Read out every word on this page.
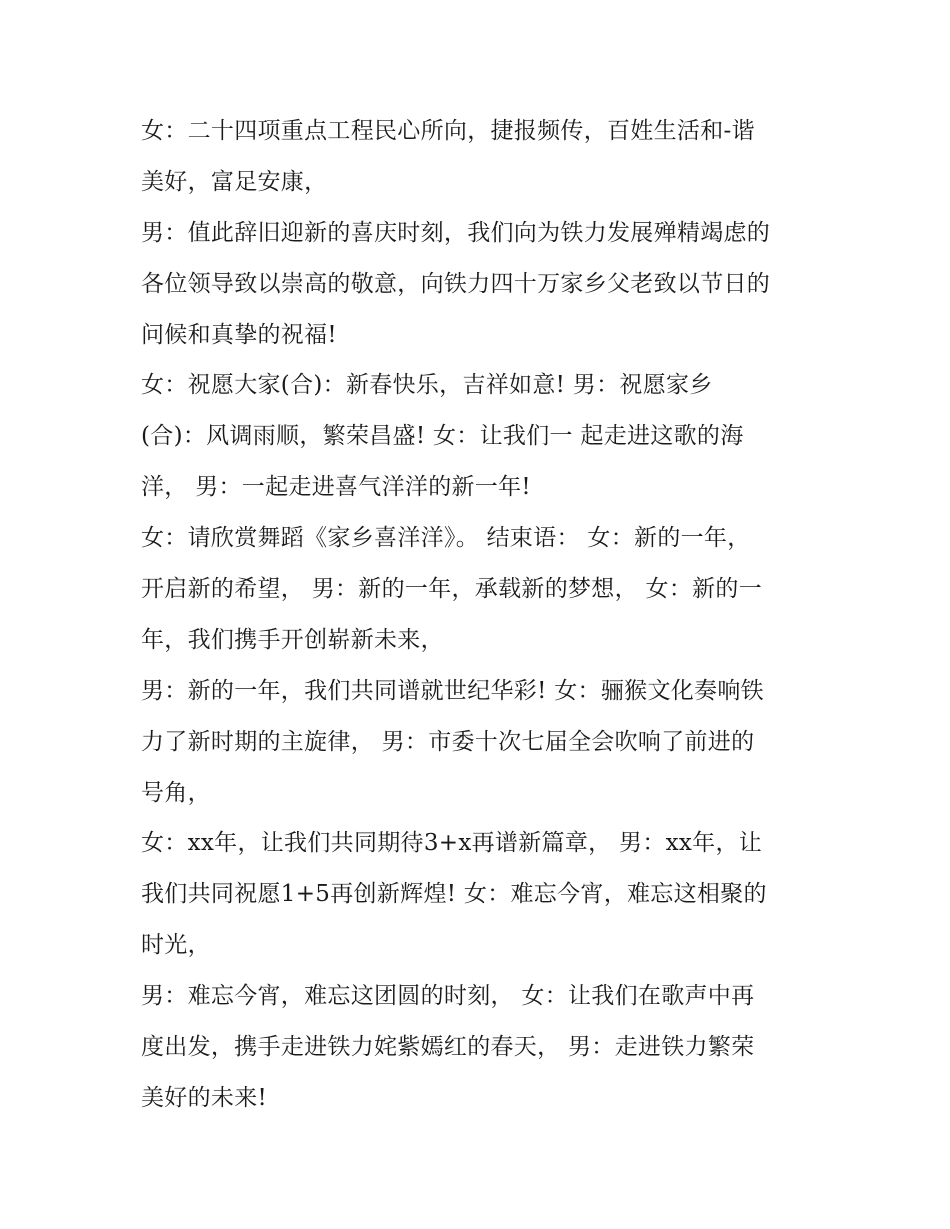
女：二十四项重点工程民心所向，捷报频传，百姓生活和-谐
美好，富足安康，
男：值此辞旧迎新的喜庆时刻，我们向为铁力发展殚精竭虑的
各位领导致以崇高的敬意，向铁力四十万家乡父老致以节日的
问候和真挚的祝福!
女：祝愿大家(合)：新春快乐，吉祥如意! 男：祝愿家乡
(合)：风调雨顺，繁荣昌盛! 女：让我们一 起走进这歌的海
洋， 男：一起走进喜气洋洋的新一年!
女：请欣赏舞蹈《家乡喜洋洋》。 结束语： 女：新的一年，
开启新的希望， 男：新的一年，承载新的梦想， 女：新的一
年，我们携手开创崭新未来，
男：新的一年，我们共同谱就世纪华彩! 女：骊猴文化奏响铁
力了新时期的主旋律， 男：市委十次七届全会吹响了前进的
号角，
女：xx年，让我们共同期待3+x再谱新篇章， 男：xx年，让
我们共同祝愿1+5再创新辉煌! 女：难忘今宵，难忘这相聚的
时光，
男：难忘今宵，难忘这团圆的时刻， 女：让我们在歌声中再
度出发，携手走进铁力姹紫嫣红的春天， 男：走进铁力繁荣
美好的未来!
